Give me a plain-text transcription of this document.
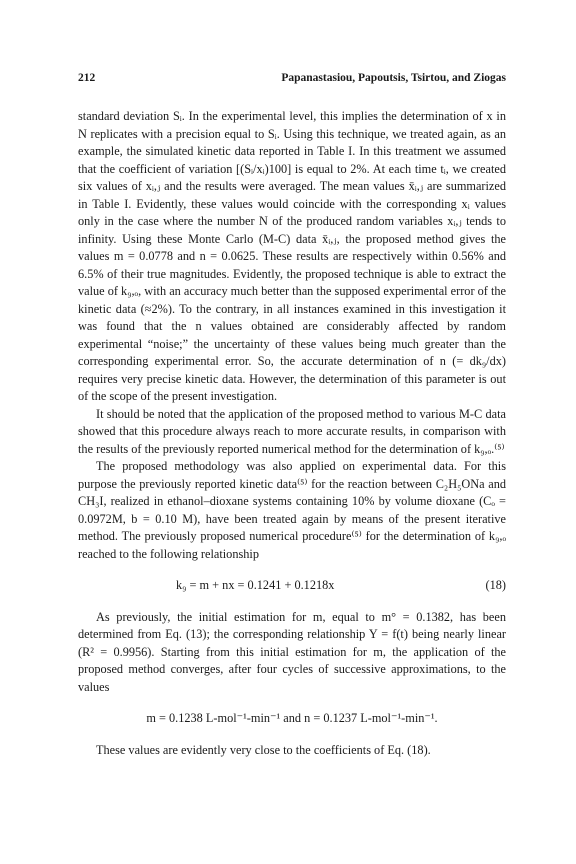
212	Papanastasiou, Papoutsis, Tsirtou, and Ziogas

standard deviation Sᵢ. In the experimental level, this implies the determination of x in N replicates with a precision equal to Sᵢ. Using this technique, we treated again, as an example, the simulated kinetic data reported in Table I. In this treatment we assumed that the coefficient of variation [(Sᵢ/xᵢ)100] is equal to 2%. At each time tᵢ, we created six values of xᵢ,ⱼ and the results were averaged. The mean values x̄ᵢ,ⱼ are summarized in Table I. Evidently, these values would coincide with the corresponding xᵢ values only in the case where the number N of the produced random variables xᵢ,ⱼ tends to infinity. Using these Monte Carlo (M-C) data x̄ᵢ,ⱼ, the proposed method gives the values m = 0.0778 and n = 0.0625. These results are respectively within 0.56% and 6.5% of their true magnitudes. Evidently, the proposed technique is able to extract the value of k₉,ₒ, with an accuracy much better than the supposed experimental error of the kinetic data (≈2%). To the contrary, in all instances examined in this investigation it was found that the n values obtained are considerably affected by random experimental “noise;” the uncertainty of these values being much greater than the corresponding experimental error. So, the accurate determination of n (= dk₉/dx) requires very precise kinetic data. However, the determination of this parameter is out of the scope of the present investigation.

It should be noted that the application of the proposed method to various M-C data showed that this procedure always reach to more accurate results, in comparison with the results of the previously reported numerical method for the determination of k₉,ₒ.⁽⁵⁾

The proposed methodology was also applied on experimental data. For this purpose the previously reported kinetic data⁽⁵⁾ for the reaction between C₂H₅ONa and CH₃I, realized in ethanol–dioxane systems containing 10% by volume dioxane (Cₒ = 0.0972M, b = 0.10 M), have been treated again by means of the present iterative method. The previously proposed numerical procedure⁽⁵⁾ for the determination of k₉,ₒ reached to the following relationship

k₉ = m + nx = 0.1241 + 0.1218x	(18)

As previously, the initial estimation for m, equal to m° = 0.1382, has been determined from Eq. (13); the corresponding relationship Y = f(t) being nearly linear (R² = 0.9956). Starting from this initial estimation for m, the application of the proposed method converges, after four cycles of successive approximations, to the values

m = 0.1238 L-mol⁻¹-min⁻¹ and n = 0.1237 L-mol⁻¹-min⁻¹.

These values are evidently very close to the coefficients of Eq. (18).
